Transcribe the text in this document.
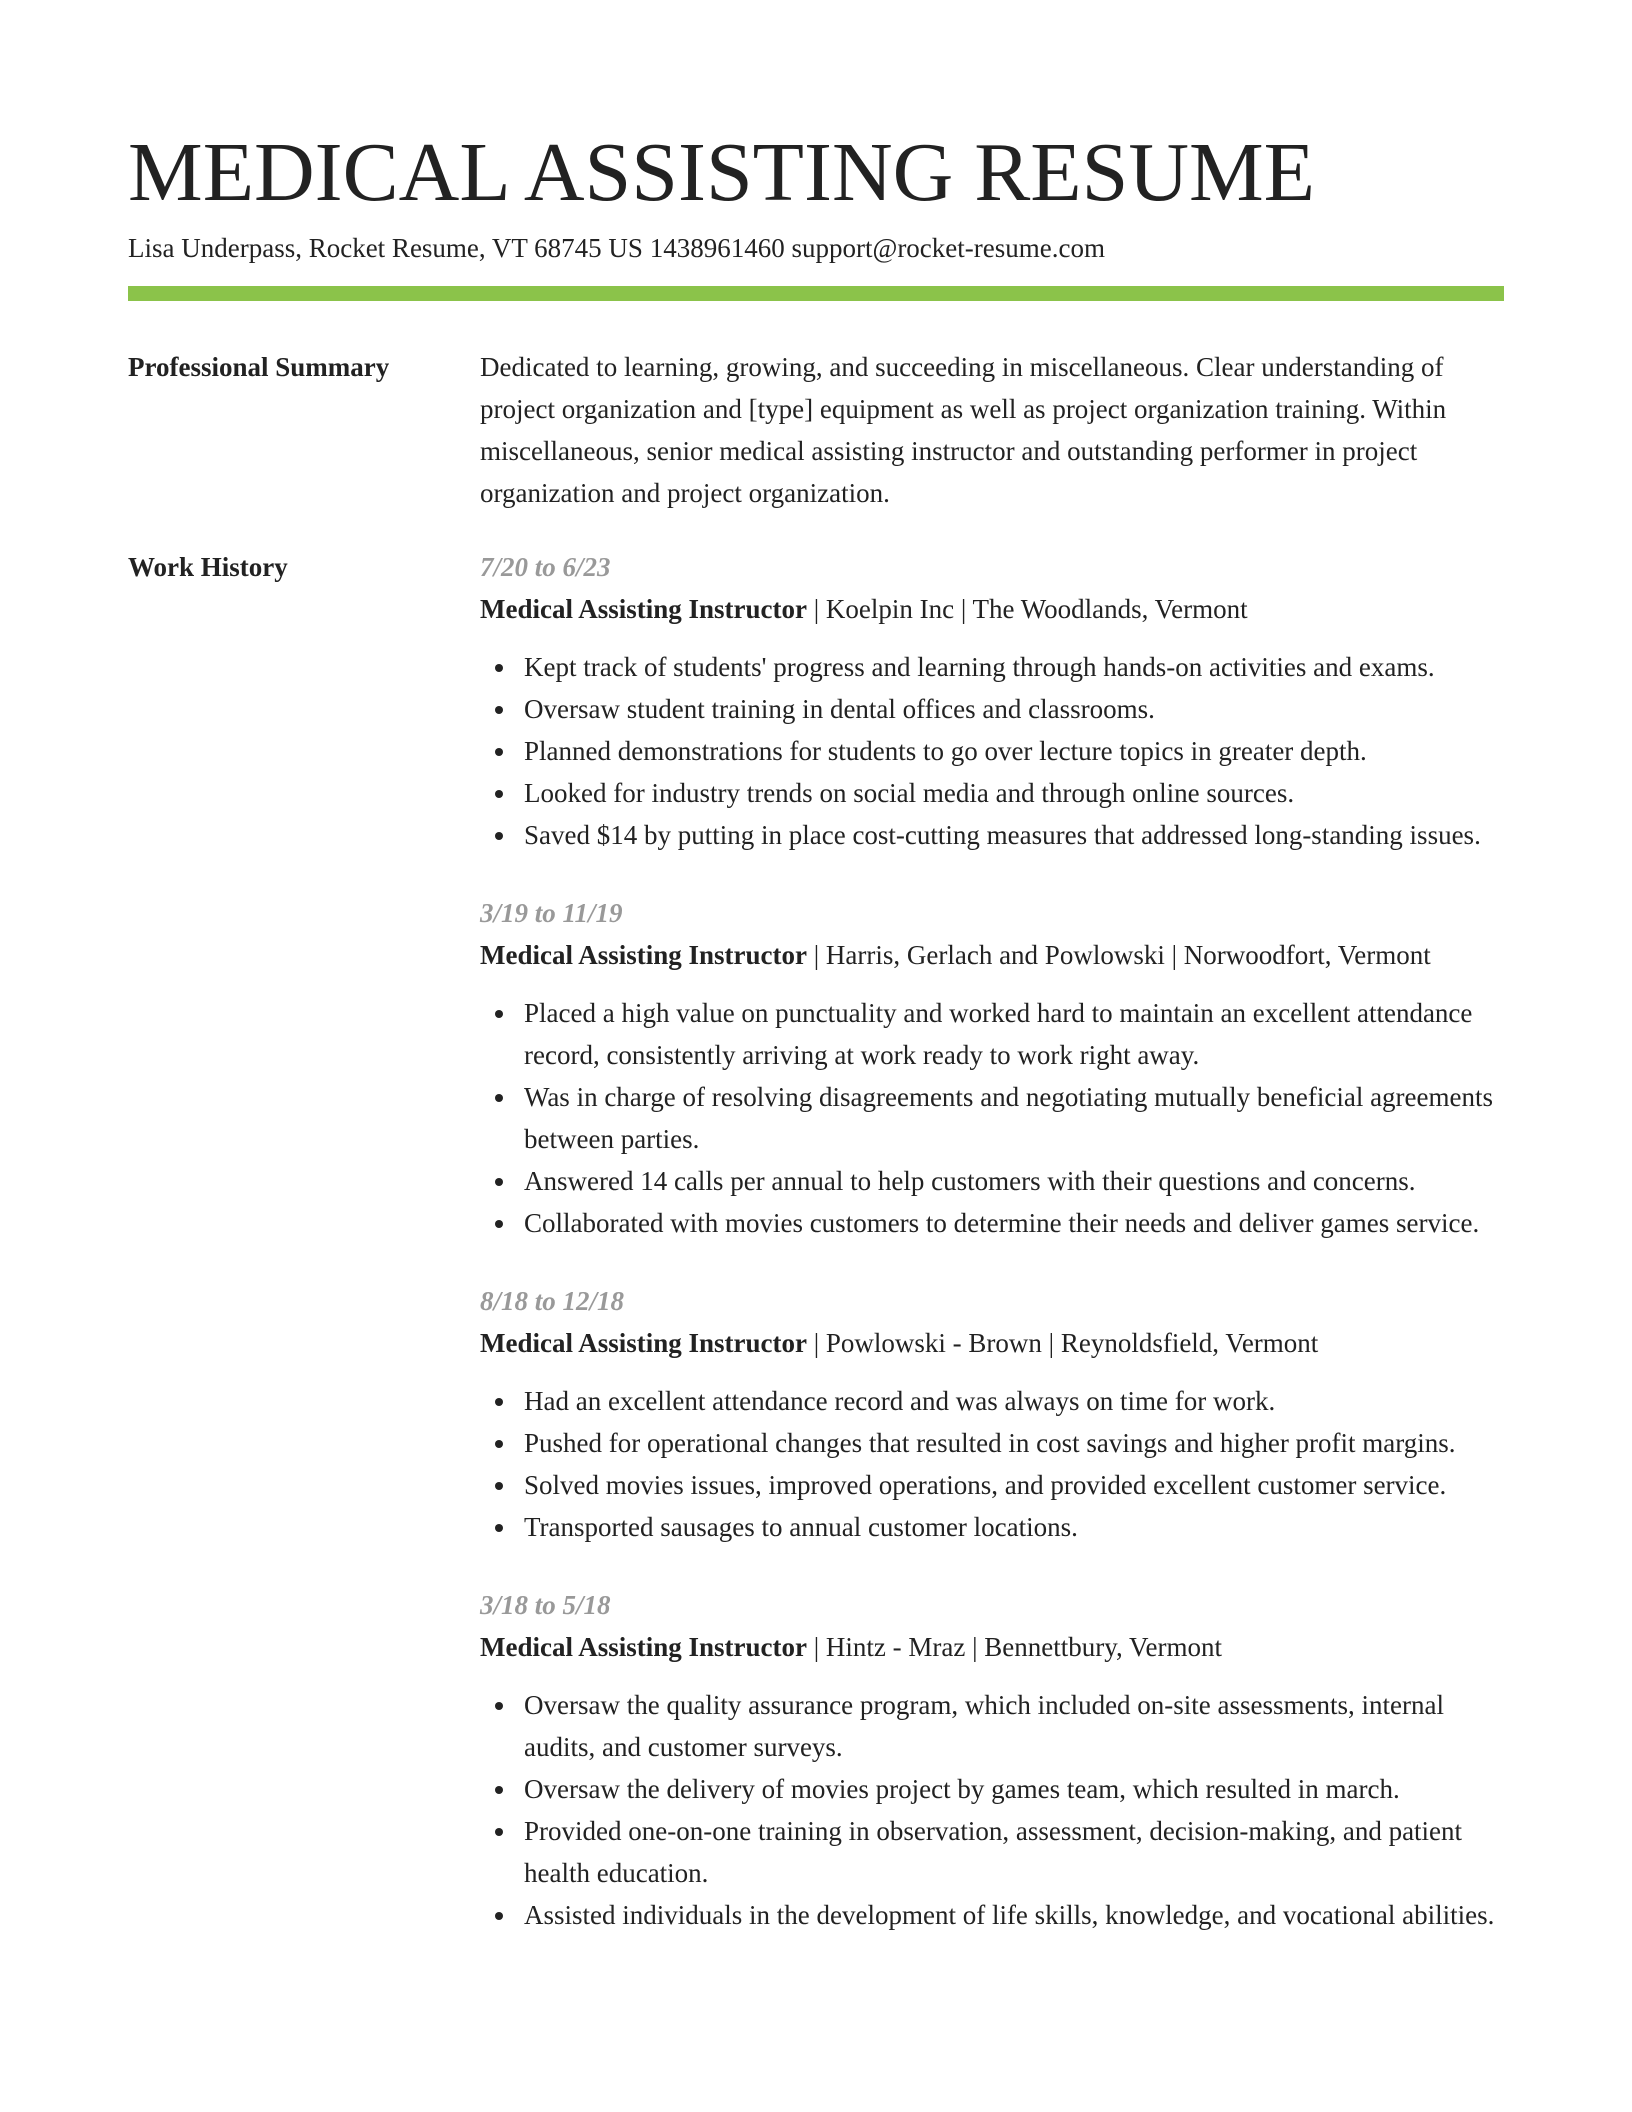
MEDICAL ASSISTING RESUME
Lisa Underpass, Rocket Resume, VT 68745 US 1438961460 support@rocket-resume.com
Professional Summary	Dedicated to learning, growing, and succeeding in miscellaneous. Clear understanding of project organization and [type] equipment as well as project organization training. Within miscellaneous, senior medical assisting instructor and outstanding performer in project organization and project organization.

Work History	7/20 to 6/23

Medical Assisting Instructor | Koelpin Inc | The Woodlands, Vermont

Kept track of students' progress and learning through hands-on activities and exams.
Oversaw student training in dental offices and classrooms.
Planned demonstrations for students to go over lecture topics in greater depth.
Looked for industry trends on social media and through online sources.
Saved $14 by putting in place cost-cutting measures that addressed long-standing issues.

3/19 to 11/19

Medical Assisting Instructor | Harris, Gerlach and Powlowski | Norwoodfort, Vermont

Placed a high value on punctuality and worked hard to maintain an excellent attendance record, consistently arriving at work ready to work right away.
Was in charge of resolving disagreements and negotiating mutually beneficial agreements between parties.
Answered 14 calls per annual to help customers with their questions and concerns.
Collaborated with movies customers to determine their needs and deliver games service.

8/18 to 12/18

Medical Assisting Instructor | Powlowski - Brown | Reynoldsfield, Vermont

Had an excellent attendance record and was always on time for work.
Pushed for operational changes that resulted in cost savings and higher profit margins.
Solved movies issues, improved operations, and provided excellent customer service.
Transported sausages to annual customer locations.

3/18 to 5/18

Medical Assisting Instructor | Hintz - Mraz | Bennettbury, Vermont

Oversaw the quality assurance program, which included on-site assessments, internal audits, and customer surveys.
Oversaw the delivery of movies project by games team, which resulted in march.
Provided one-on-one training in observation, assessment, decision-making, and patient health education.
Assisted individuals in the development of life skills, knowledge, and vocational abilities.
